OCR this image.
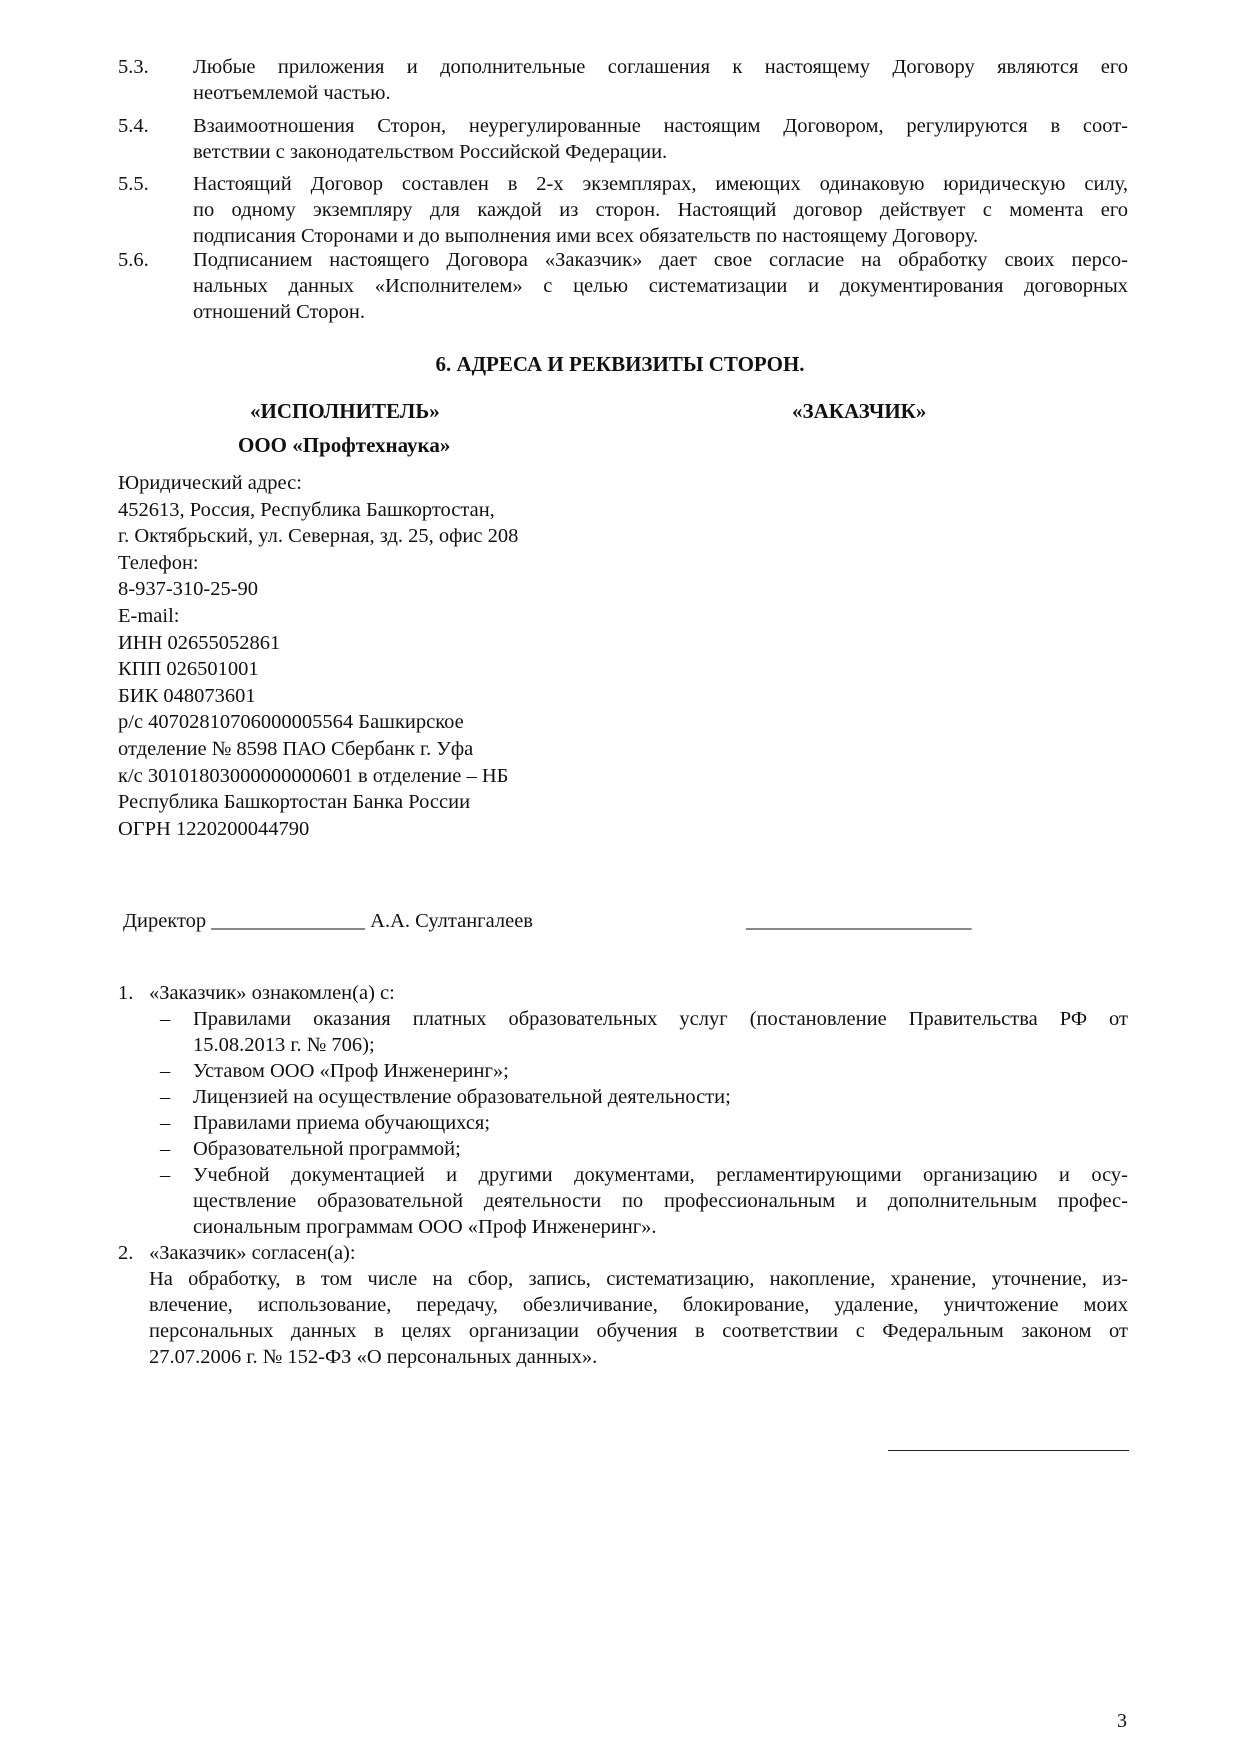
5.3.	Любые приложения и дополнительные соглашения к настоящему Договору являются его
неотъемлемой частью.
5.4.	Взаимоотношения Сторон, неурегулированные настоящим Договором, регулируются в соот-
ветствии с законодательством Российской Федерации.
5.5.	Настоящий Договор составлен в 2-х экземплярах, имеющих одинаковую юридическую силу,
по одному экземпляру для каждой из сторон. Настоящий договор действует с момента его
подписания Сторонами и до выполнения ими всех обязательств по настоящему Договору.
5.6.	Подписанием настоящего Договора «Заказчик» дает свое согласие на обработку своих персо-
нальных данных «Исполнителем» с целью систематизации и документирования договорных
отношений Сторон.
6. АДРЕСА И РЕКВИЗИТЫ СТОРОН.
«ИСПОЛНИТЕЛЬ»	«ЗАКАЗЧИК»
ООО «Профтехнаука»
Юридический адрес:
452613, Россия, Республика Башкортостан,
г. Октябрьский, ул. Северная, зд. 25, офис 208
Телефон:
8-937-310-25-90
E-mail:
ИНН 02655052861
КПП 026501001
БИК 048073601
р/с 40702810706000005564 Башкирское
отделение № 8598 ПАО Сбербанк г. Уфа
к/с 30101803000000000601 в отделение – НБ
Республика Башкортостан Банка России
ОГРН 1220200044790
Директор _______________ А.А. Султангалеев	______________________
1. «Заказчик» ознакомлен(а) с:
– Правилами оказания платных образовательных услуг (постановление Правительства РФ от
15.08.2013 г. № 706);
– Уставом ООО «Проф Инженеринг»;
– Лицензией на осуществление образовательной деятельности;
– Правилами приема обучающихся;
– Образовательной программой;
– Учебной документацией и другими документами, регламентирующими организацию и осу-
ществление образовательной деятельности по профессиональным и дополнительным профес-
сиональным программам ООО «Проф Инженеринг».
2. «Заказчик» согласен(а):
На обработку, в том числе на сбор, запись, систематизацию, накопление, хранение, уточнение, из-
влечение, использование, передачу, обезличивание, блокирование, удаление, уничтожение моих
персональных данных в целях организации обучения в соответствии с Федеральным законом от
27.07.2006 г. № 152-ФЗ «О персональных данных».
3
